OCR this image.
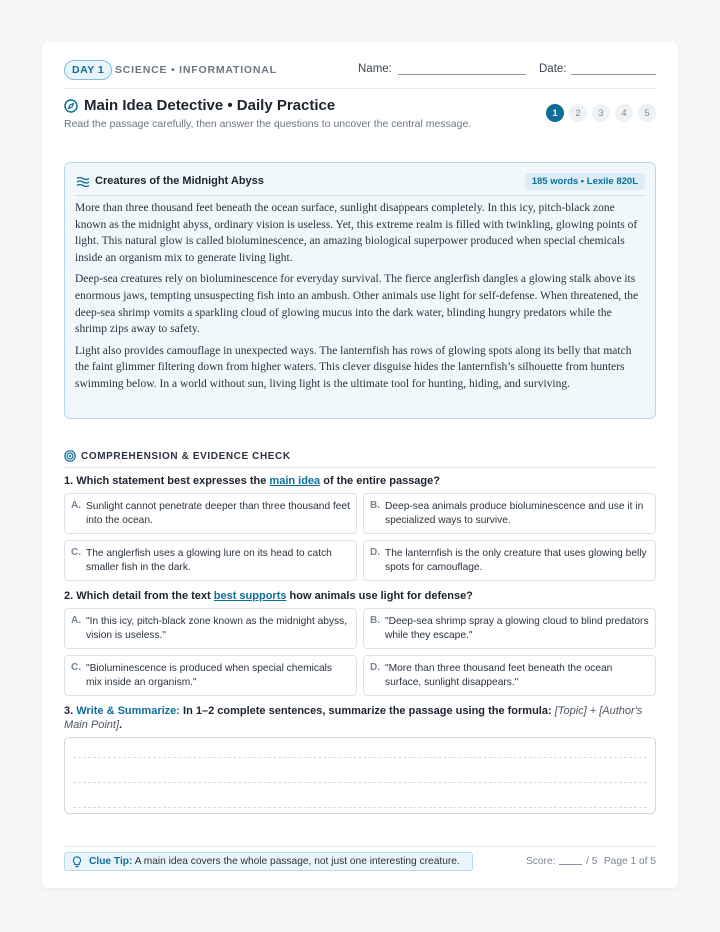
DAY 1	SCIENCE • INFORMATIONAL	Name:	Date:
Main Idea Detective • Daily Practice
Read the passage carefully, then answer the questions to uncover the central message.
1	2	3	4	5
Creatures of the Midnight Abyss	185 words • Lexile 820L

More than three thousand feet beneath the ocean surface, sunlight disappears completely. In this icy, pitch-black zone known as the midnight abyss, ordinary vision is useless. Yet, this extreme realm is filled with twinkling, glowing points of light. This natural glow is called bioluminescence, an amazing biological superpower produced when special chemicals inside an organism mix to generate living light.

Deep-sea creatures rely on bioluminescence for everyday survival. The fierce anglerfish dangles a glowing stalk above its enormous jaws, tempting unsuspecting fish into an ambush. Other animals use light for self-defense. When threatened, the deep-sea shrimp vomits a sparkling cloud of glowing mucus into the dark water, blinding hungry predators while the shrimp zips away to safety.

Light also provides camouflage in unexpected ways. The lanternfish has rows of glowing spots along its belly that match the faint glimmer filtering down from higher waters. This clever disguise hides the lanternfish’s silhouette from hunters swimming below. In a world without sun, living light is the ultimate tool for hunting, hiding, and surviving.

COMPREHENSION & EVIDENCE CHECK
1. Which statement best expresses the main idea of the entire passage?
A. Sunlight cannot penetrate deeper than three thousand feet into the ocean.
B. Deep-sea animals produce bioluminescence and use it in specialized ways to survive.
C. The anglerfish uses a glowing lure on its head to catch smaller fish in the dark.
D. The lanternfish is the only creature that uses glowing belly spots for camouflage.
2. Which detail from the text best supports how animals use light for defense?
A. "In this icy, pitch-black zone known as the midnight abyss, vision is useless."
B. "Deep-sea shrimp spray a glowing cloud to blind predators while they escape."
C. "Bioluminescence is produced when special chemicals mix inside an organism."
D. "More than three thousand feet beneath the ocean surface, sunlight disappears."
3. Write & Summarize: In 1–2 complete sentences, summarize the passage using the formula: [Topic] + [Author's Main Point].
Clue Tip: A main idea covers the whole passage, not just one interesting creature.	Score:	/ 5 Page 1 of 5
